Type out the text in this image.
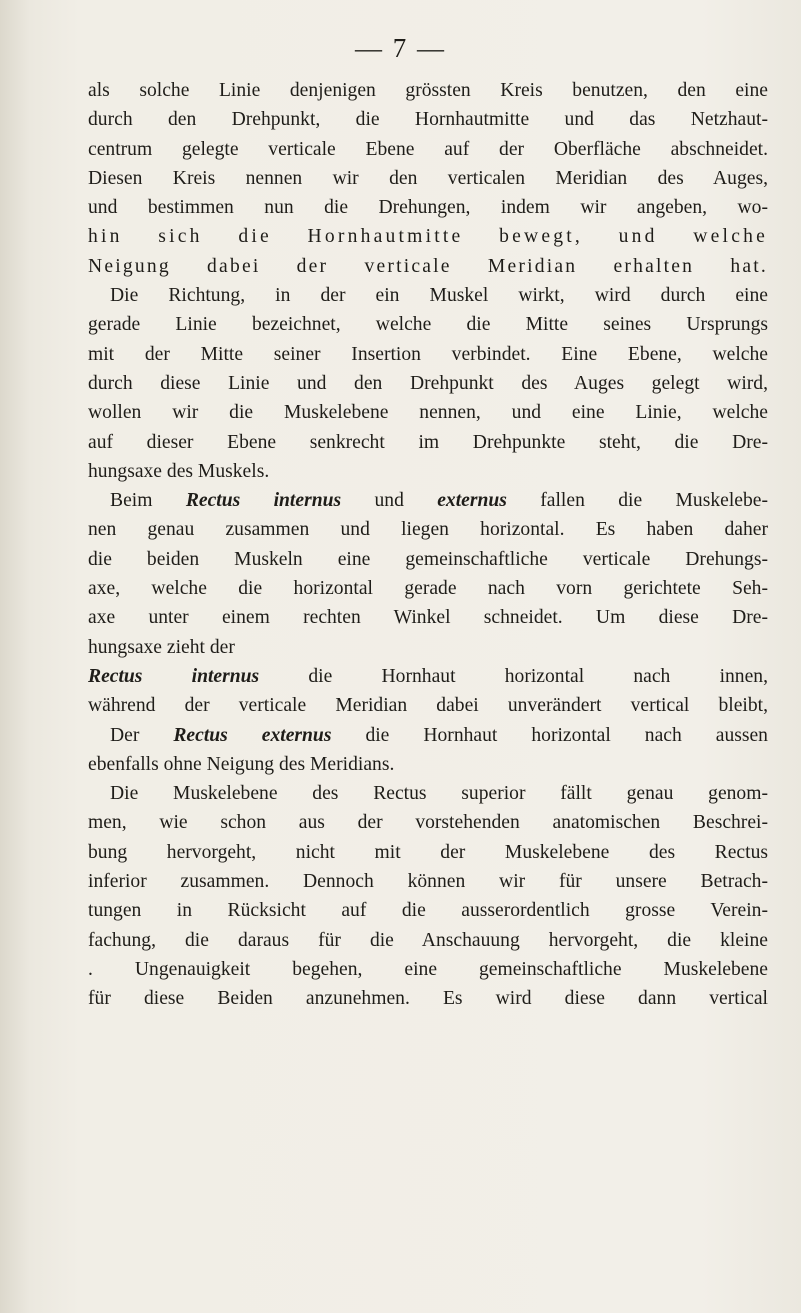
— 7 —
als solche Linie denjenigen grössten Kreis benutzen, den eine
durch den Drehpunkt, die Hornhautmitte und das Netzhaut-
centrum gelegte verticale Ebene auf der Oberfläche abschneidet.
Diesen Kreis nennen wir den verticalen Meridian des Auges,
und bestimmen nun die Drehungen, indem wir angeben, wo-
hin sich die Hornhautmitte bewegt, und welche
Neigung dabei der verticale Meridian erhalten hat.
Die Richtung, in der ein Muskel wirkt, wird durch eine
gerade Linie bezeichnet, welche die Mitte seines Ursprungs
mit der Mitte seiner Insertion verbindet. Eine Ebene, welche
durch diese Linie und den Drehpunkt des Auges gelegt wird,
wollen wir die Muskelebene nennen, und eine Linie, welche
auf dieser Ebene senkrecht im Drehpunkte steht, die Dre-
hungsaxe des Muskels.
Beim Rectus internus und externus fallen die Muskelebe-
nen genau zusammen und liegen horizontal. Es haben daher
die beiden Muskeln eine gemeinschaftliche verticale Drehungs-
axe, welche die horizontal gerade nach vorn gerichtete Seh-
axe unter einem rechten Winkel schneidet. Um diese Dre-
hungsaxe zieht der
Rectus internus die Hornhaut horizontal nach innen,
während der verticale Meridian dabei unverändert vertical bleibt,
Der Rectus externus die Hornhaut horizontal nach aussen
ebenfalls ohne Neigung des Meridians.
Die Muskelebene des Rectus superior fällt genau genom-
men, wie schon aus der vorstehenden anatomischen Beschrei-
bung hervorgeht, nicht mit der Muskelebene des Rectus
inferior zusammen. Dennoch können wir für unsere Betrach-
tungen in Rücksicht auf die ausserordentlich grosse Verein-
fachung, die daraus für die Anschauung hervorgeht, die kleine
. Ungenauigkeit begehen, eine gemeinschaftliche Muskelebene
für diese Beiden anzunehmen. Es wird diese dann vertical
